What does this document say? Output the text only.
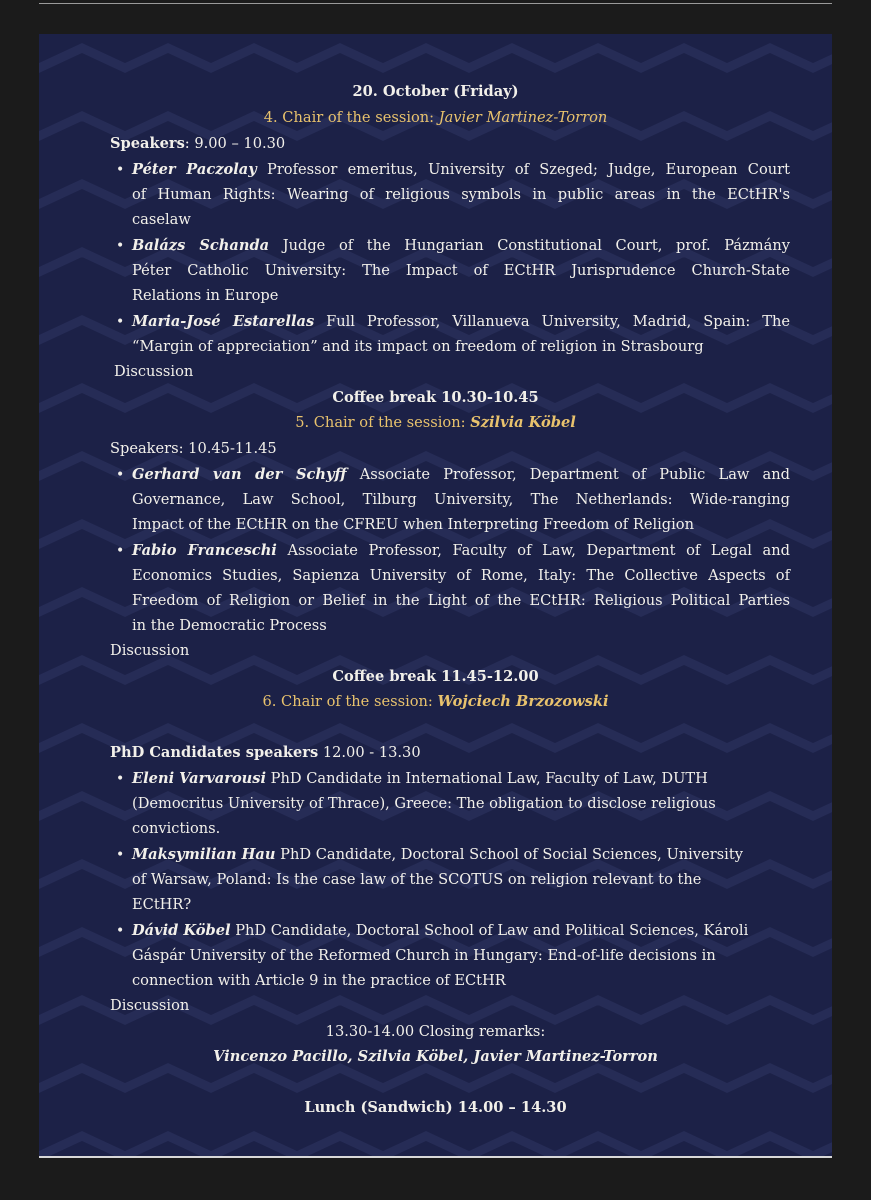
20. October (Friday)
4. Chair of the session: Javier Martinez-Torron
Speakers: 9.00 – 10.30
• Péter Paczolay Professor emeritus, University of Szeged; Judge, European Court
of Human Rights: Wearing of religious symbols in public areas in the ECtHR's
caselaw
• Balázs Schanda Judge of the Hungarian Constitutional Court, prof. Pázmány
Péter Catholic University: The Impact of ECtHR Jurisprudence Church-State
Relations in Europe
• Maria-José Estarellas Full Professor, Villanueva University, Madrid, Spain: The
“Margin of appreciation” and its impact on freedom of religion in Strasbourg
Discussion
Coffee break 10.30-10.45
5. Chair of the session: Szilvia Köbel
Speakers: 10.45-11.45
• Gerhard van der Schyff Associate Professor, Department of Public Law and
Governance, Law School, Tilburg University, The Netherlands: Wide-ranging
Impact of the ECtHR on the CFREU when Interpreting Freedom of Religion
• Fabio Franceschi Associate Professor, Faculty of Law, Department of Legal and
Economics Studies, Sapienza University of Rome, Italy: The Collective Aspects of
Freedom of Religion or Belief in the Light of the ECtHR: Religious Political Parties
in the Democratic Process
Discussion
Coffee break 11.45-12.00
6. Chair of the session: Wojciech Brzozowski
PhD Candidates speakers 12.00 - 13.30
• Eleni Varvarousi PhD Candidate in International Law, Faculty of Law, DUTH
(Democritus University of Thrace), Greece: The obligation to disclose religious
convictions.
• Maksymilian Hau PhD Candidate, Doctoral School of Social Sciences, University
of Warsaw, Poland: Is the case law of the SCOTUS on religion relevant to the
ECtHR?
• Dávid Köbel PhD Candidate, Doctoral School of Law and Political Sciences, Károli
Gáspár University of the Reformed Church in Hungary: End-of-life decisions in
connection with Article 9 in the practice of ECtHR
Discussion
13.30-14.00 Closing remarks:
Vincenzo Pacillo, Szilvia Köbel, Javier Martinez-Torron
Lunch (Sandwich) 14.00 – 14.30
